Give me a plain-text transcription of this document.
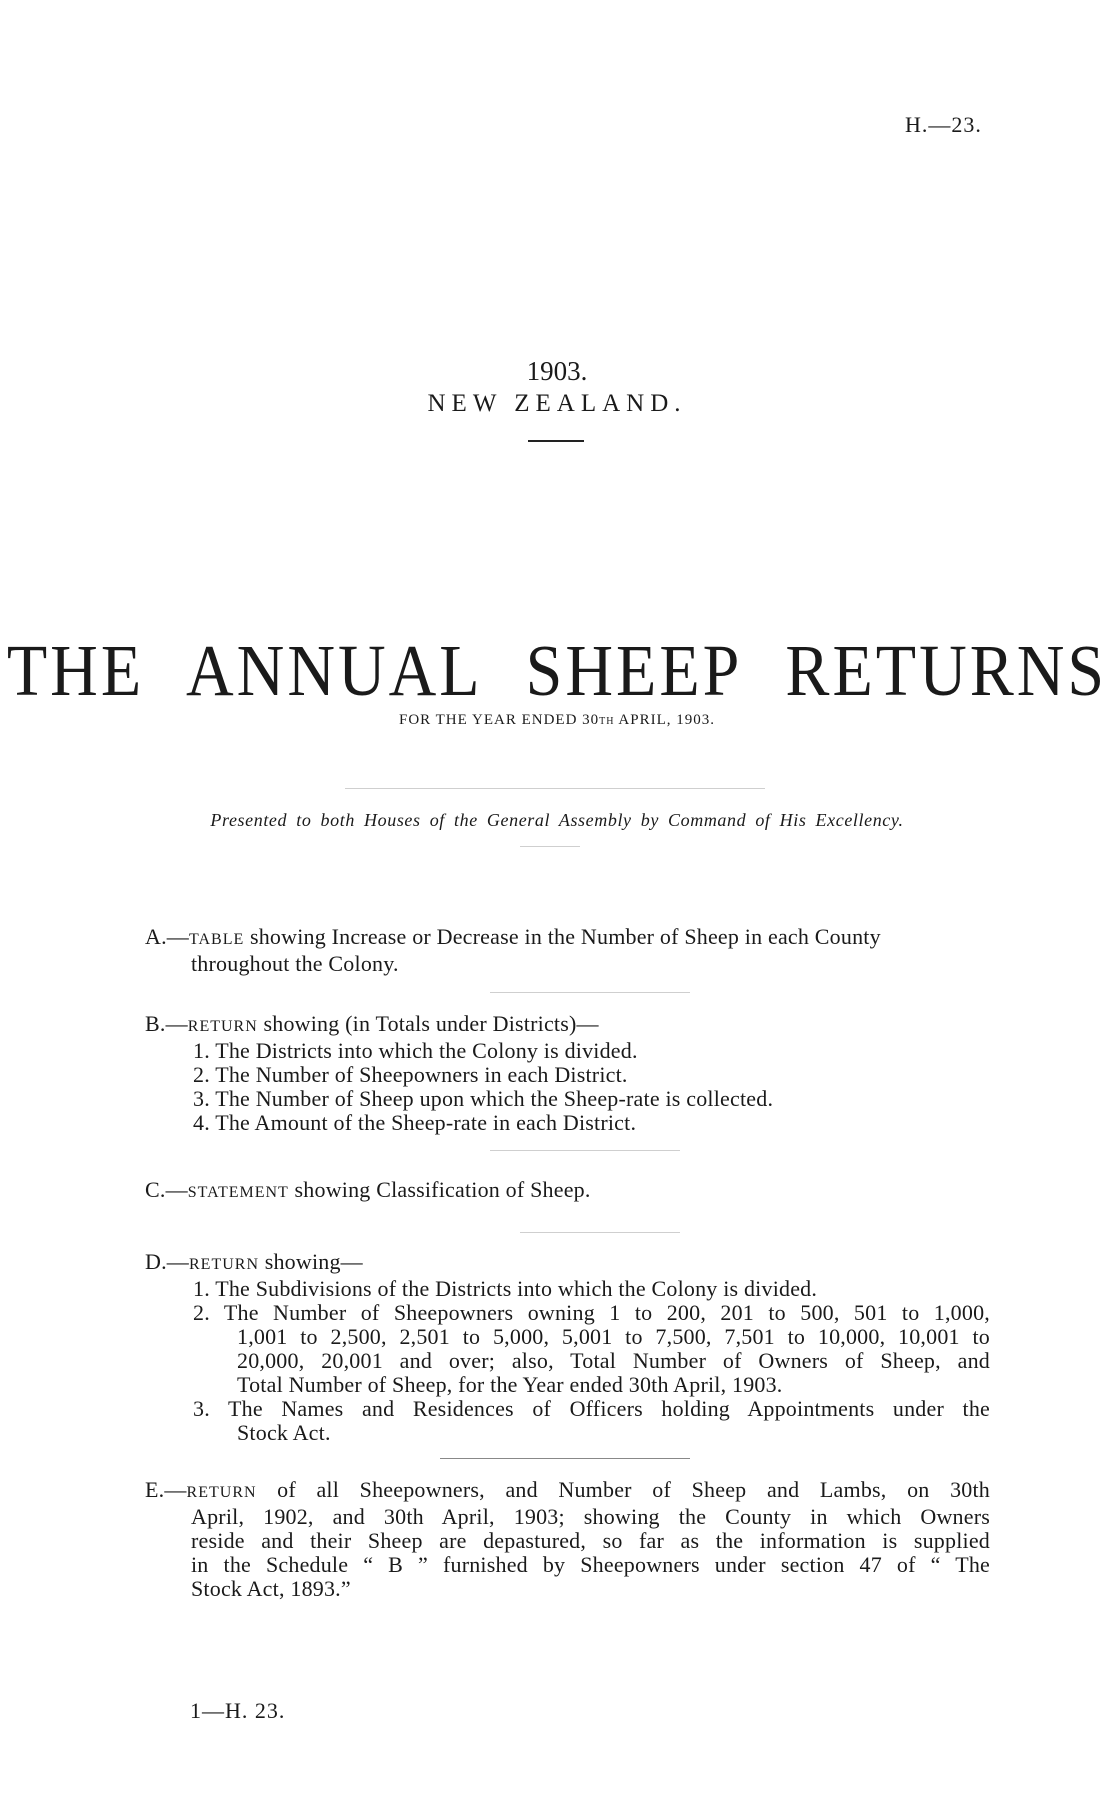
H.—23.
1903.
NEW ZEALAND.
THE ANNUAL SHEEP RETURNS
FOR THE YEAR ENDED 30TH APRIL, 1903.
Presented to both Houses of the General Assembly by Command of His Excellency.
A.—TABLE showing Increase or Decrease in the Number of Sheep in each County
throughout the Colony.
B.—RETURN showing (in Totals under Districts)—
1. The Districts into which the Colony is divided.
2. The Number of Sheepowners in each District.
3. The Number of Sheep upon which the Sheep-rate is collected.
4. The Amount of the Sheep-rate in each District.
C.—STATEMENT showing Classification of Sheep.
D.—RETURN showing—
1. The Subdivisions of the Districts into which the Colony is divided.
2. The Number of Sheepowners owning 1 to 200, 201 to 500, 501 to 1,000,
1,001 to 2,500, 2,501 to 5,000, 5,001 to 7,500, 7,501 to 10,000, 10,001 to
20,000, 20,001 and over; also, Total Number of Owners of Sheep, and
Total Number of Sheep, for the Year ended 30th April, 1903.
3. The Names and Residences of Officers holding Appointments under the
Stock Act.
E.—RETURN of all Sheepowners, and Number of Sheep and Lambs, on 30th
April, 1902, and 30th April, 1903; showing the County in which Owners
reside and their Sheep are depastured, so far as the information is supplied
in the Schedule “ B ” furnished by Sheepowners under section 47 of “ The
Stock Act, 1893.”
1—H. 23.
